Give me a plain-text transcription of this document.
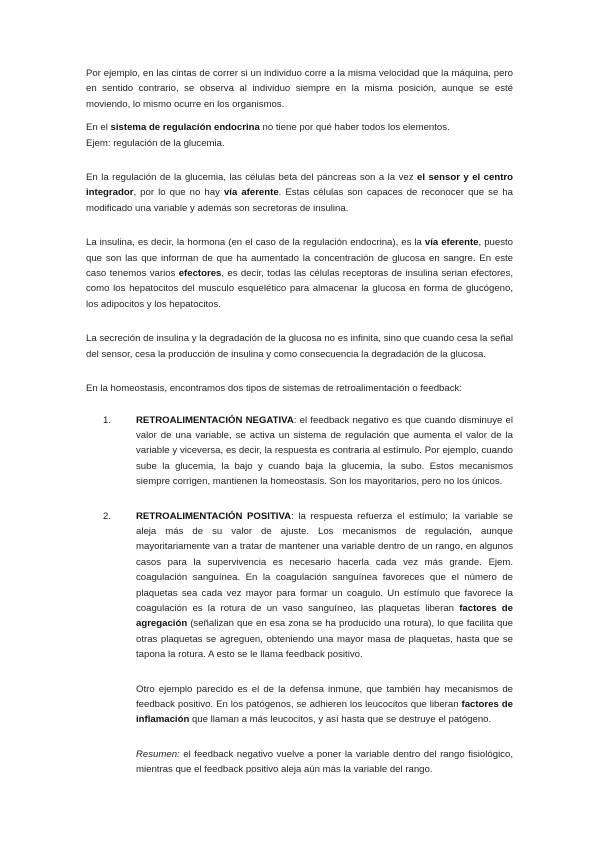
Por ejemplo, en las cintas de correr si un individuo corre a la misma velocidad que la máquina, pero en sentido contrario, se observa al individuo siempre en la misma posición, aunque se esté moviendo, lo mismo ocurre en los organismos.

En el sistema de regulación endocrina no tiene por qué haber todos los elementos.

Ejem: regulación de la glucemia.

En la regulación de la glucemia, las células beta del páncreas son a la vez el sensor y el centro integrador, por lo que no hay vía aferente. Estas células son capaces de reconocer que se ha modificado una variable y además son secretoras de insulina.

La insulina, es decir, la hormona (en el caso de la regulación endocrina), es la vía eferente, puesto que son las que informan de que ha aumentado la concentración de glucosa en sangre. En este caso tenemos varios efectores, es decir, todas las células receptoras de insulina serian efectores, como los hepatocitos del musculo esquelético para almacenar la glucosa en forma de glucógeno, los adipocitos y los hepatocitos.

La secreción de insulina y la degradación de la glucosa no es infinita, sino que cuando cesa la señal del sensor, cesa la producción de insulina y como consecuencia la degradación de la glucosa.

En la homeostasis, encontramos dos tipos de sistemas de retroalimentación o feedback:

1.	RETROALIMENTACIÓN NEGATIVA: el feedback negativo es que cuando disminuye el valor de una variable, se activa un sistema de regulación que aumenta el valor de la variable y viceversa, es decir, la respuesta es contraria al estímulo. Por ejemplo, cuando sube la glucemia, la bajo y cuando baja la glucemia, la subo. Estos mecanismos siempre corrigen, mantienen la homeostasis. Son los mayoritarios, pero no los únicos.

2.	RETROALIMENTACIÓN POSITIVA: la respuesta refuerza el estímulo; la variable se aleja más de su valor de ajuste. Los mecanismos de regulación, aunque mayoritariamente van a tratar de mantener una variable dentro de un rango, en algunos casos para la supervivencia es necesario hacerla cada vez más grande. Ejem. coagulación sanguínea. En la coagulación sanguínea favoreces que el número de plaquetas sea cada vez mayor para formar un coagulo. Un estímulo que favorece la coagulación es la rotura de un vaso sanguíneo, las plaquetas liberan factores de agregación (señalizan que en esa zona se ha producido una rotura), lo que facilita que otras plaquetas se agreguen, obteniendo una mayor masa de plaquetas, hasta que se tapona la rotura. A esto se le llama feedback positivo.

Otro ejemplo parecido es el de la defensa inmune, que también hay mecanismos de feedback positivo. En los patógenos, se adhieren los leucocitos que liberan factores de inflamación que llaman a más leucocitos, y así hasta que se destruye el patógeno.

Resumen: el feedback negativo vuelve a poner la variable dentro del rango fisiológico, mientras que el feedback positivo aleja aún más la variable del rango.
